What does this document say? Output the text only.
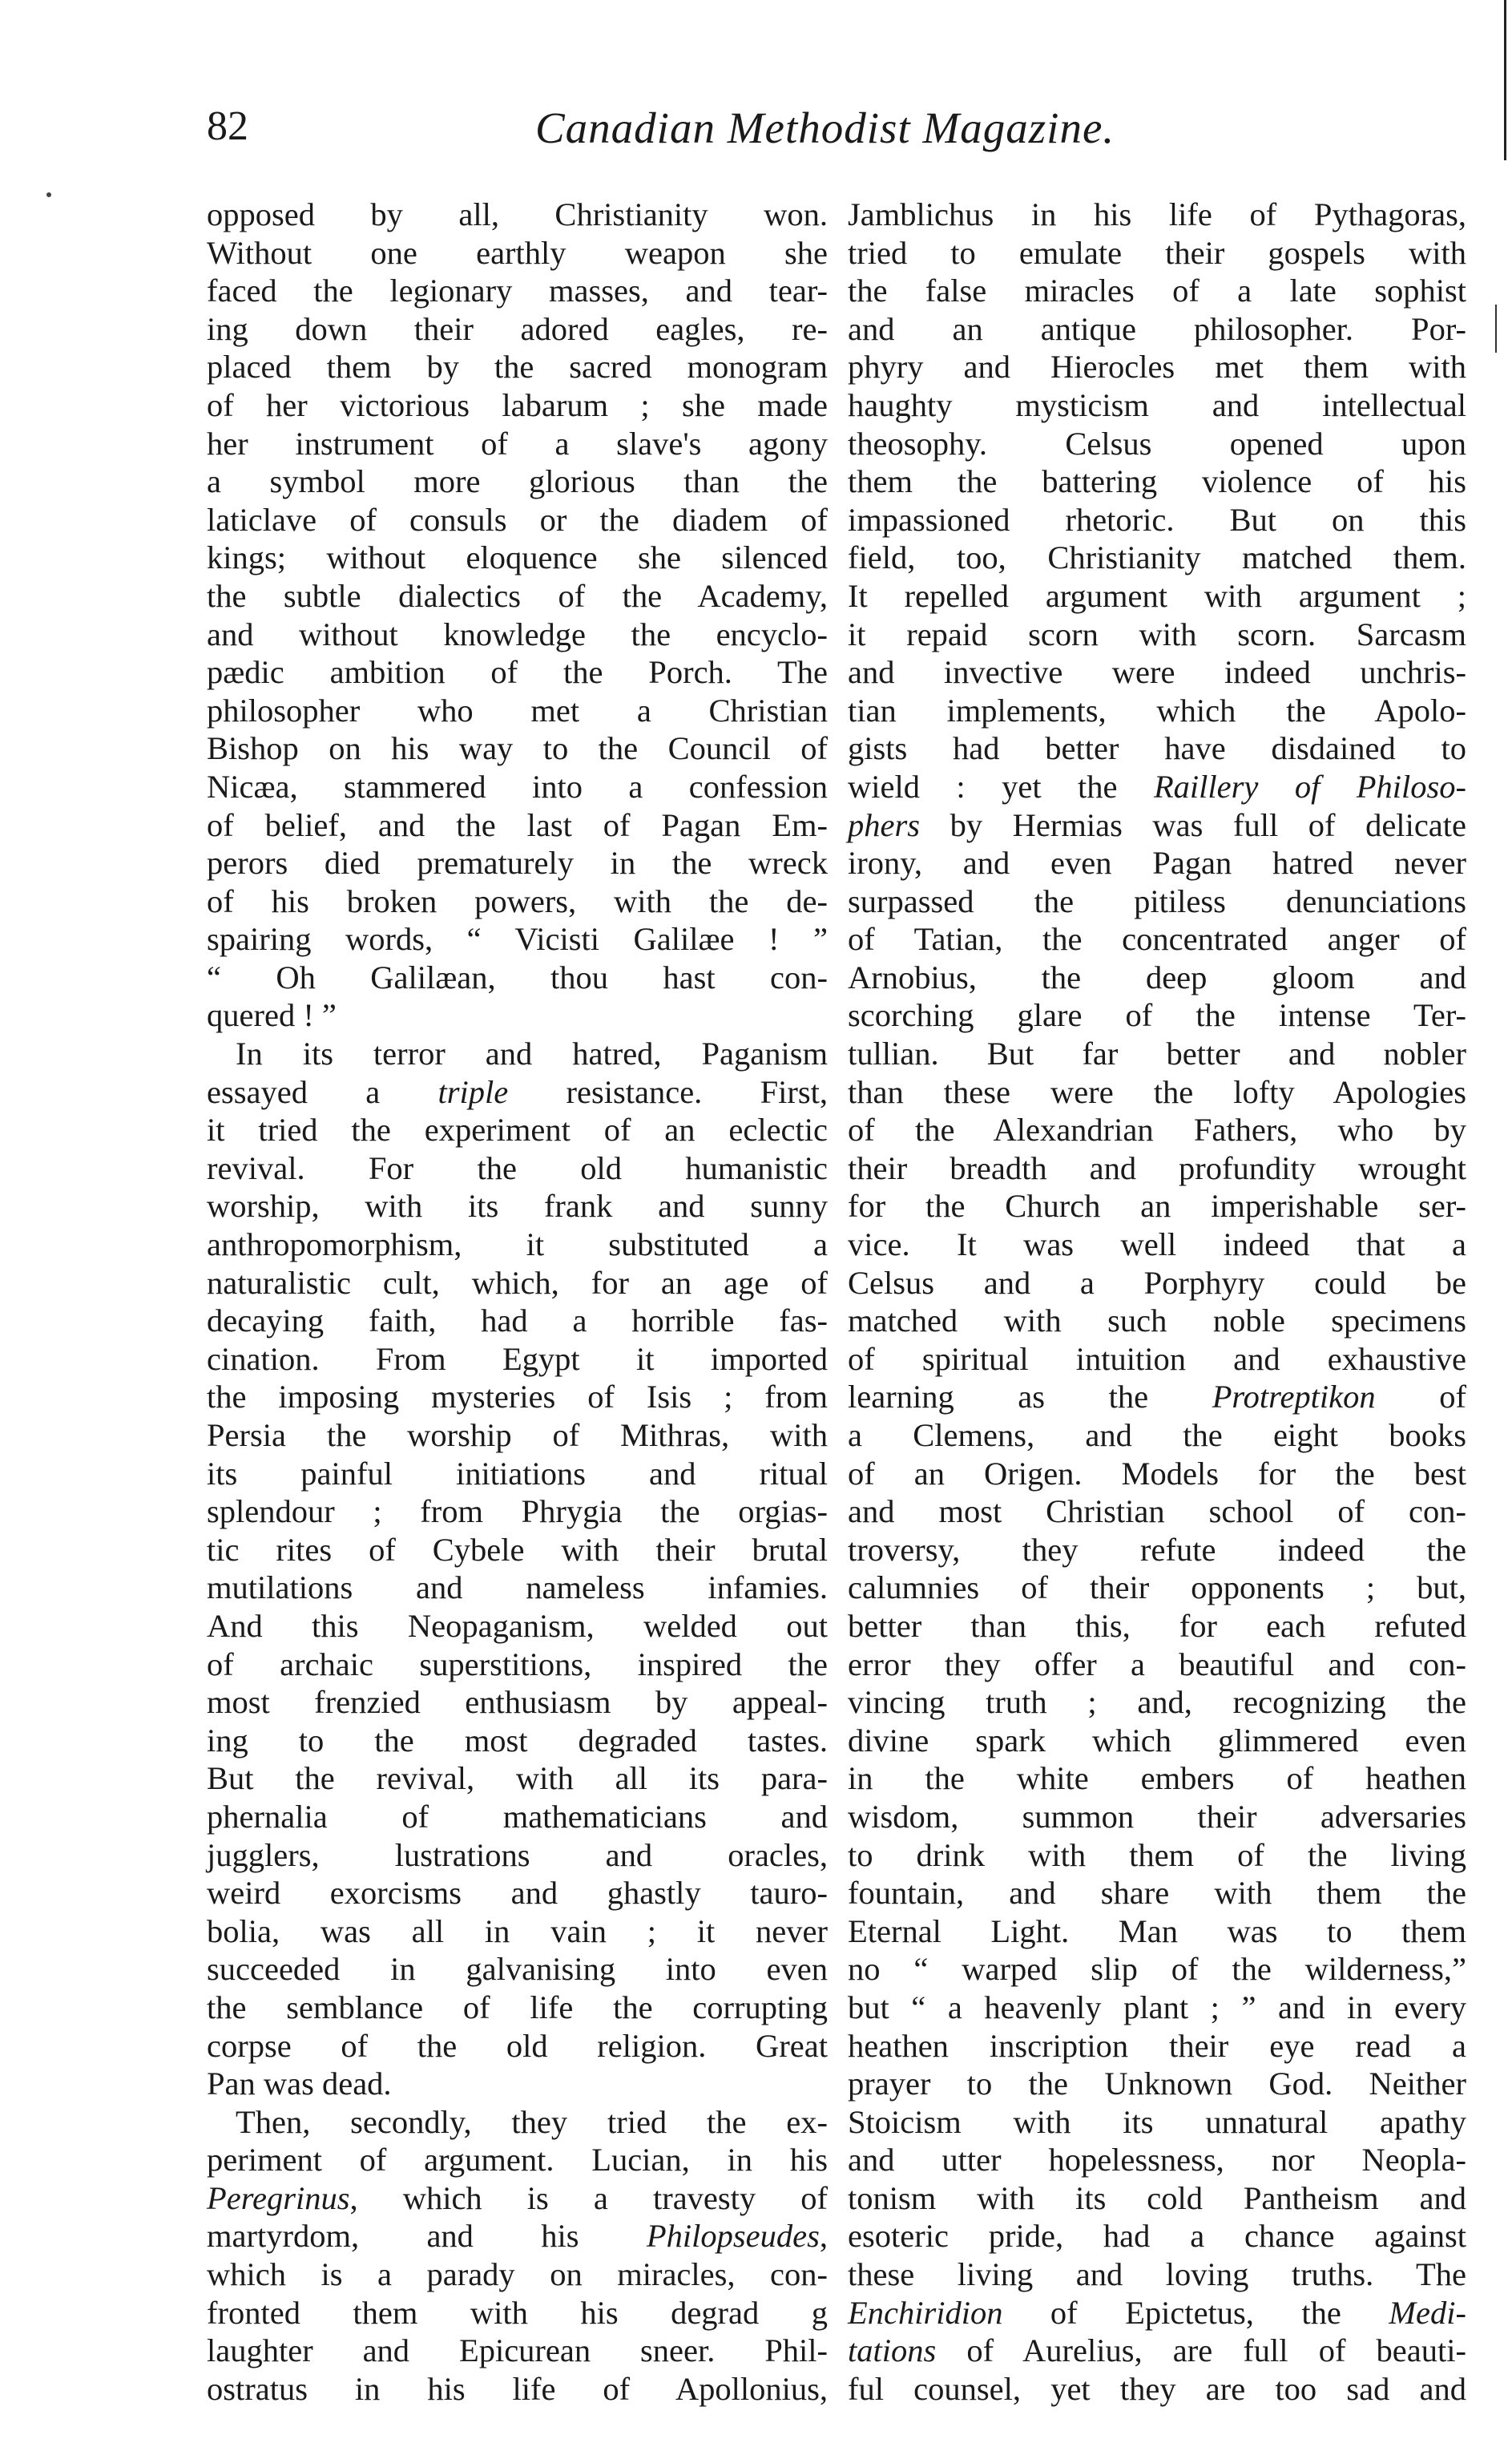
82	Canadian Methodist Magazine.
opposed by all, Christianity won.
Without one earthly weapon she
faced the legionary masses, and tear-
ing down their adored eagles, re-
placed them by the sacred monogram
of her victorious labarum ; she made
her instrument of a slave's agony
a symbol more glorious than the
laticlave of consuls or the diadem of
kings; without eloquence she silenced
the subtle dialectics of the Academy,
and without knowledge the encyclo-
pædic ambition of the Porch. The
philosopher who met a Christian
Bishop on his way to the Council of
Nicæa, stammered into a confession
of belief, and the last of Pagan Em-
perors died prematurely in the wreck
of his broken powers, with the de-
spairing words, “ Vicisti Galilæe ! ”
“ Oh Galilæan, thou hast con-
quered ! ”
In its terror and hatred, Paganism
essayed a triple resistance. First,
it tried the experiment of an eclectic
revival. For the old humanistic
worship, with its frank and sunny
anthropomorphism, it substituted a
naturalistic cult, which, for an age of
decaying faith, had a horrible fas-
cination. From Egypt it imported
the imposing mysteries of Isis ; from
Persia the worship of Mithras, with
its painful initiations and ritual
splendour ; from Phrygia the orgias-
tic rites of Cybele with their brutal
mutilations and nameless infamies.
And this Neopaganism, welded out
of archaic superstitions, inspired the
most frenzied enthusiasm by appeal-
ing to the most degraded tastes.
But the revival, with all its para-
phernalia of mathematicians and
jugglers, lustrations and oracles,
weird exorcisms and ghastly tauro-
bolia, was all in vain ; it never
succeeded in galvanising into even
the semblance of life the corrupting
corpse of the old religion. Great
Pan was dead.
Then, secondly, they tried the ex-
periment of argument. Lucian, in his
Peregrinus, which is a travesty of
martyrdom, and his Philopseudes,
which is a parady on miracles, con-
fronted them with his degrad g
laughter and Epicurean sneer. Phil-
ostratus in his life of Apollonius,
Jamblichus in his life of Pythagoras,
tried to emulate their gospels with
the false miracles of a late sophist
and an antique philosopher. Por-
phyry and Hierocles met them with
haughty mysticism and intellectual
theosophy. Celsus opened upon
them the battering violence of his
impassioned rhetoric. But on this
field, too, Christianity matched them.
It repelled argument with argument ;
it repaid scorn with scorn. Sarcasm
and invective were indeed unchris-
tian implements, which the Apolo-
gists had better have disdained to
wield : yet the Raillery of Philoso-
phers by Hermias was full of delicate
irony, and even Pagan hatred never
surpassed the pitiless denunciations
of Tatian, the concentrated anger of
Arnobius, the deep gloom and
scorching glare of the intense Ter-
tullian. But far better and nobler
than these were the lofty Apologies
of the Alexandrian Fathers, who by
their breadth and profundity wrought
for the Church an imperishable ser-
vice. It was well indeed that a
Celsus and a Porphyry could be
matched with such noble specimens
of spiritual intuition and exhaustive
learning as the Protreptikon of
a Clemens, and the eight books
of an Origen. Models for the best
and most Christian school of con-
troversy, they refute indeed the
calumnies of their opponents ; but,
better than this, for each refuted
error they offer a beautiful and con-
vincing truth ; and, recognizing the
divine spark which glimmered even
in the white embers of heathen
wisdom, summon their adversaries
to drink with them of the living
fountain, and share with them the
Eternal Light. Man was to them
no “ warped slip of the wilderness,”
but “ a heavenly plant ; ” and in every
heathen inscription their eye read a
prayer to the Unknown God. Neither
Stoicism with its unnatural apathy
and utter hopelessness, nor Neopla-
tonism with its cold Pantheism and
esoteric pride, had a chance against
these living and loving truths. The
Enchiridion of Epictetus, the Medi-
tations of Aurelius, are full of beauti-
ful counsel, yet they are too sad and
